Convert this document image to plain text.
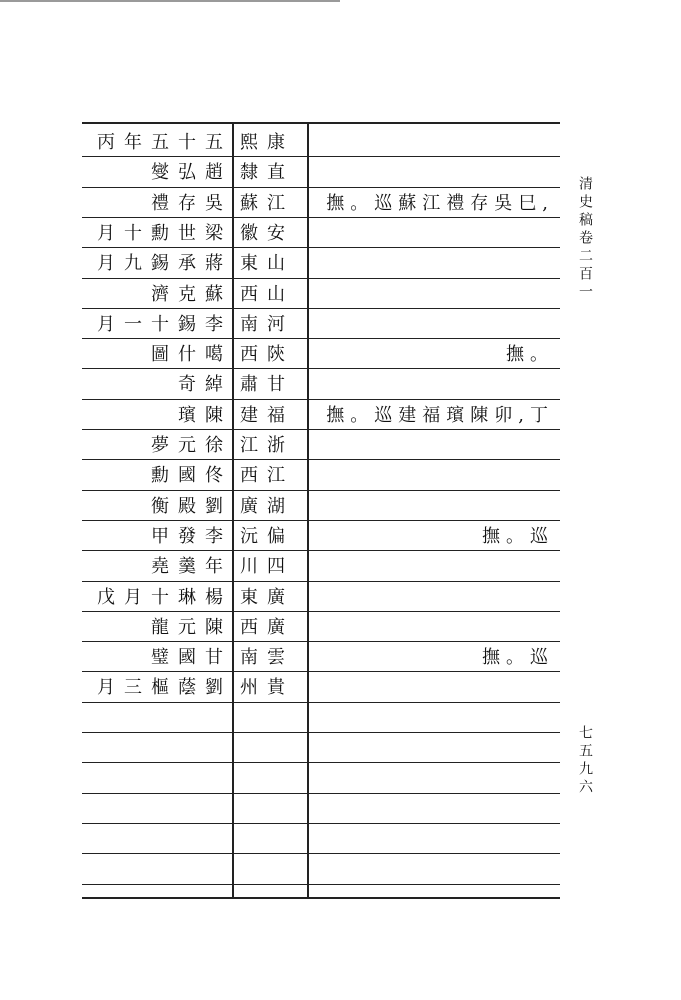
清史稿卷二百一
七五九六
丙年五十五 熙康
燮弘趙 隸直
禮存吳 蘇江 撫。巡蘇江禮存吳巳,
月十勳世梁 徽安
月九錫承蔣 東山
濟克蘇 西山
月一十錫李 南河
圖什噶 西陝	撫。
奇綽 肅甘
璸陳 建福 撫。巡建福璸陳卯,丁
夢元徐 江浙
勳國佟 西江
衡殿劉 廣湖
甲發李 沅偏	撫。巡
堯羹年 川四
戊月十琳楊 東廣
龍元陳 西廣
璧國甘 南雲	撫。巡
月三樞蔭劉 州貴
